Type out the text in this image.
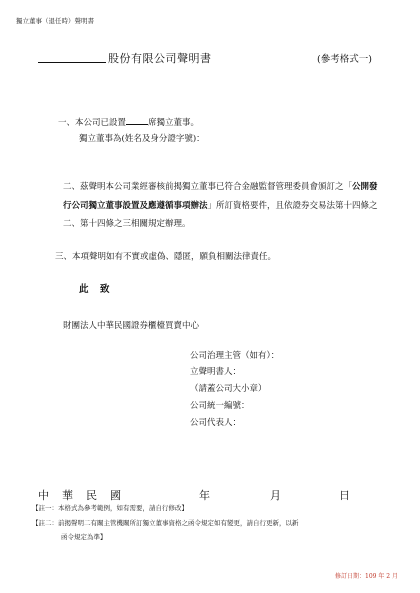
獨立董事（退任時）聲明書
股份有限公司聲明書	(參考格式一)
一、本公司已設置	席獨立董事。
獨立董事為(姓名及身分證字號)：
二、茲聲明本公司業經審核前揭獨立董事已符合金融監督管理委員會頒訂之「公開發行公司獨立董事設置及應遵循事項辦法」所訂資格要件，且依證券交易法第十四條之二、第十四條之三相關規定辦理。
三、本項聲明如有不實或虛偽、隱匿，願負相關法律責任。
此　致
財團法人中華民國證券櫃檯買賣中心
公司治理主管（如有）：
立聲明書人：
（請蓋公司大小章）
公司統一編號：
公司代表人：
中　華　民　國	年	月	日
【註一：本格式為參考範例，如有需要，請自行修改】
【註二：前揭聲明二有關主管機關所訂獨立董事資格之函令規定如有變更，請自行更新，以新
函令規定為準】
修訂日期：109 年 2 月
